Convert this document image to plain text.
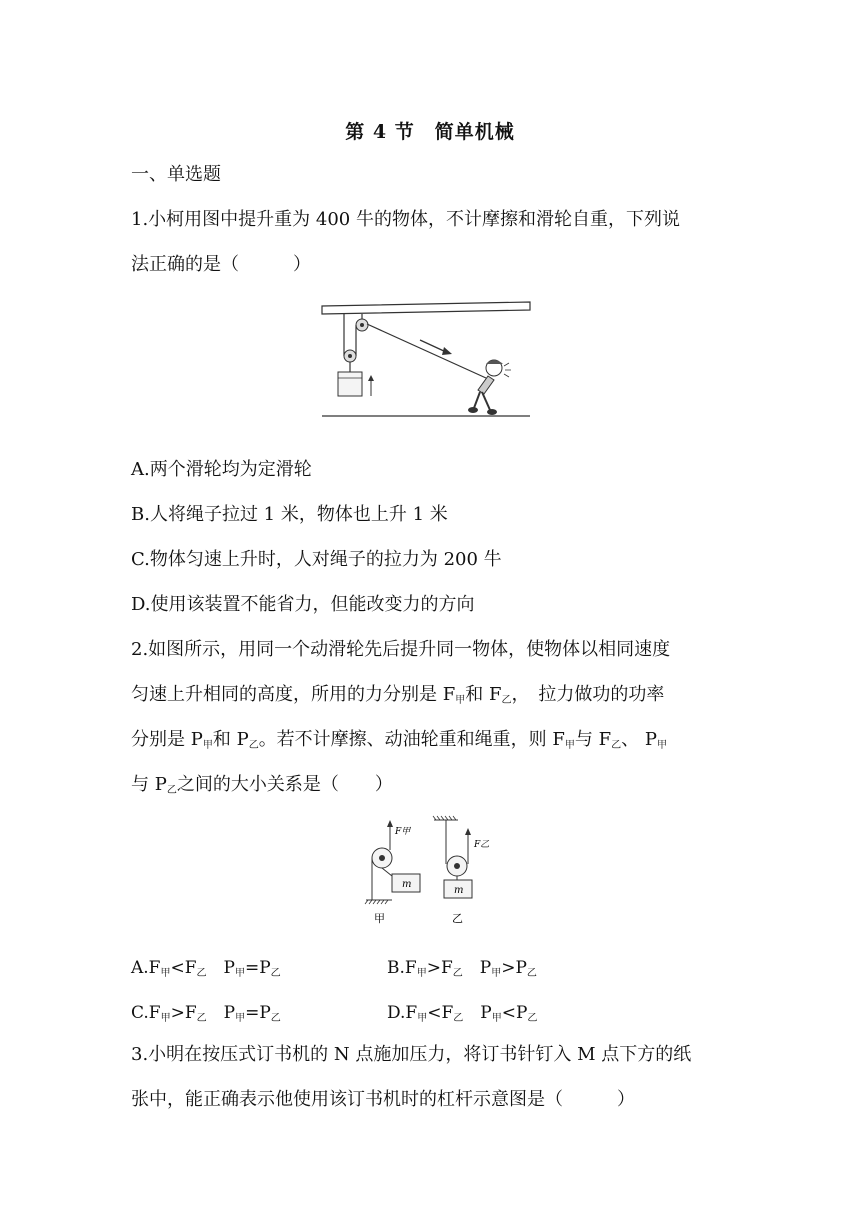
第 4 节　简单机械
一、单选题
1.小柯用图中提升重为 400 牛的物体，不计摩擦和滑轮自重，下列说
法正确的是（　　　）
A.两个滑轮均为定滑轮
B.人将绳子拉过 1 米，物体也上升 1 米
C.物体匀速上升时，人对绳子的拉力为 200 牛
D.使用该装置不能省力，但能改变力的方向
2.如图所示，用同一个动滑轮先后提升同一物体，使物体以相同速度
匀速上升相同的高度，所用的力分别是 $F_甲$和 $F_乙$，　拉力做功的功率
分别是 $P_甲$和 $P_乙$。若不计摩擦、动油轮重和绳重，则 $F_甲$与 $F_乙$、 $P_甲$
与 $P_乙$之间的大小关系是（　　）
F甲
m
甲
F乙
m
乙
$A.F_甲<F_乙$　$P_甲=P_乙$	$B.F_甲>F_乙$　$P_甲>P_乙$
$C.F_甲>F_乙$　$P_甲=P_乙$	$D.F_甲<F_乙$　$P_甲<P_乙$
3.小明在按压式订书机的 N 点施加压力，将订书针钉入 M 点下方的纸
张中，能正确表示他使用该订书机时的杠杆示意图是（　　　）
